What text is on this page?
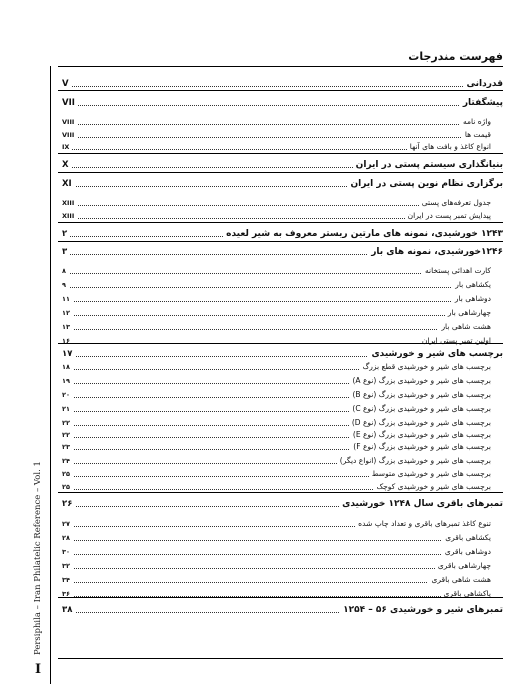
فهرست مندرجات
Persiphila – Iran Philatelic Reference – Vol. 1
I
قدردانی
V
پیشگفتار
VII
واژه نامه
VIII
قیمت ها
VIII
انواع کاغذ و بافت های آنها
IX
بنیانگذاری سیستم پستی در ایران
X
برگزاری نظام نوین پستی در ایران
XI
جدول تعرفه‌های پستی
XIII
پیدایش تمبر پست در ایران
XIII
۱۲۴۳ خورشیدی، نمونه های مارتین ریستر معروف به شیر لعیده
۲
۱۲۴۶خورشیدی، نمونه های بار
۳
کارت اهدائی پستخانه
۸
یکشاهی بار
۹
دوشاهی بار
۱۱
چهارشاهی بار
۱۲
هشت شاهی بار
۱۳
اولین تمبر پستی ایران
۱۶
برچسب های شیر و خورشیدی
۱۷
برچسب های شیر و خورشیدی قطع بزرگ
۱۸
برچسب های شیر و خورشیدی بزرگ (نوع A)
۱۹
برچسب های شیر و خورشیدی بزرگ (نوع B)
۲۰
برچسب های شیر و خورشیدی بزرگ (نوع C)
۲۱
برچسب های شیر و خورشیدی بزرگ (نوع D)
۲۲
برچسب های شیر و خورشیدی بزرگ (نوع E)
۲۲
برچسب های شیر و خورشیدی بزرگ (نوع F)
۲۳
برچسب های شیر و خورشیدی بزرگ (انواع دیگر)
۲۴
برچسب های شیر و خورشیدی متوسط
۲۵
برچسب های شیر و خورشیدی کوچک
۲۵
تمبرهای باقری سال ۱۲۴۸ خورشیدی
۲۶
تنوع کاغذ تمبرهای باقری و تعداد چاپ شده
۲۷
یکشاهی باقری
۲۸
دوشاهی باقری
۳۰
چهارشاهی باقری
۳۲
هشت شاهی باقری
۳۴
یاکشاهی باقری
۳۶
تمبرهای شیر و خورشیدی ۵۶ – ۱۲۵۴
۳۸
